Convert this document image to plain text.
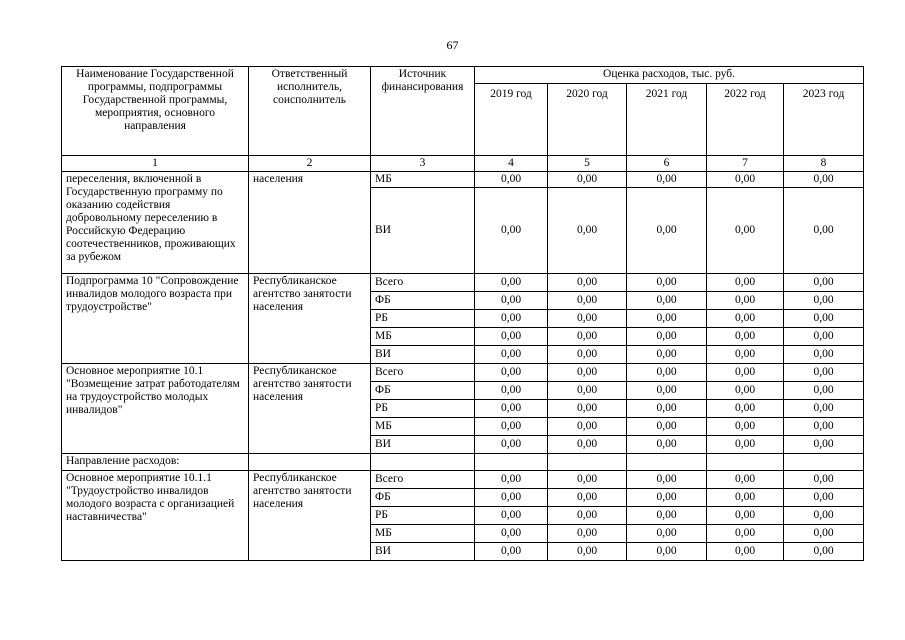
67
Наименование Государственной программы, подпрограммы Государственной программы, мероприятия, основного направления	Ответственный исполнитель, соисполнитель	Источник финансирования	Оценка расходов, тыс. руб.				
			2019 год	2020 год	2021 год	2022 год	2023 год
1	2	3	4	5	6	7	8
переселения, включенной в Государственную программу по оказанию содействия добровольному переселению в Российскую Федерацию соотечественников, проживающих за рубежом	населения	МБ	0,00	0,00	0,00	0,00	0,00
		ВИ	0,00	0,00	0,00	0,00	0,00
Подпрограмма 10 "Сопровождение инвалидов молодого возраста при трудоустройстве"	Республиканское агентство занятости населения	Всего	0,00	0,00	0,00	0,00	0,00
		ФБ	0,00	0,00	0,00	0,00	0,00
		РБ	0,00	0,00	0,00	0,00	0,00
		МБ	0,00	0,00	0,00	0,00	0,00
		ВИ	0,00	0,00	0,00	0,00	0,00
Основное мероприятие 10.1 "Возмещение затрат работодателям на трудоустройство молодых инвалидов"	Республиканское агентство занятости населения	Всего	0,00	0,00	0,00	0,00	0,00
		ФБ	0,00	0,00	0,00	0,00	0,00
		РБ	0,00	0,00	0,00	0,00	0,00
		МБ	0,00	0,00	0,00	0,00	0,00
		ВИ	0,00	0,00	0,00	0,00	0,00
Направление расходов:							
Основное мероприятие 10.1.1 "Трудоустройство инвалидов молодого возраста с организацией наставничества"	Республиканское агентство занятости населения	Всего	0,00	0,00	0,00	0,00	0,00
		ФБ	0,00	0,00	0,00	0,00	0,00
		РБ	0,00	0,00	0,00	0,00	0,00
		МБ	0,00	0,00	0,00	0,00	0,00
		ВИ	0,00	0,00	0,00	0,00	0,00
